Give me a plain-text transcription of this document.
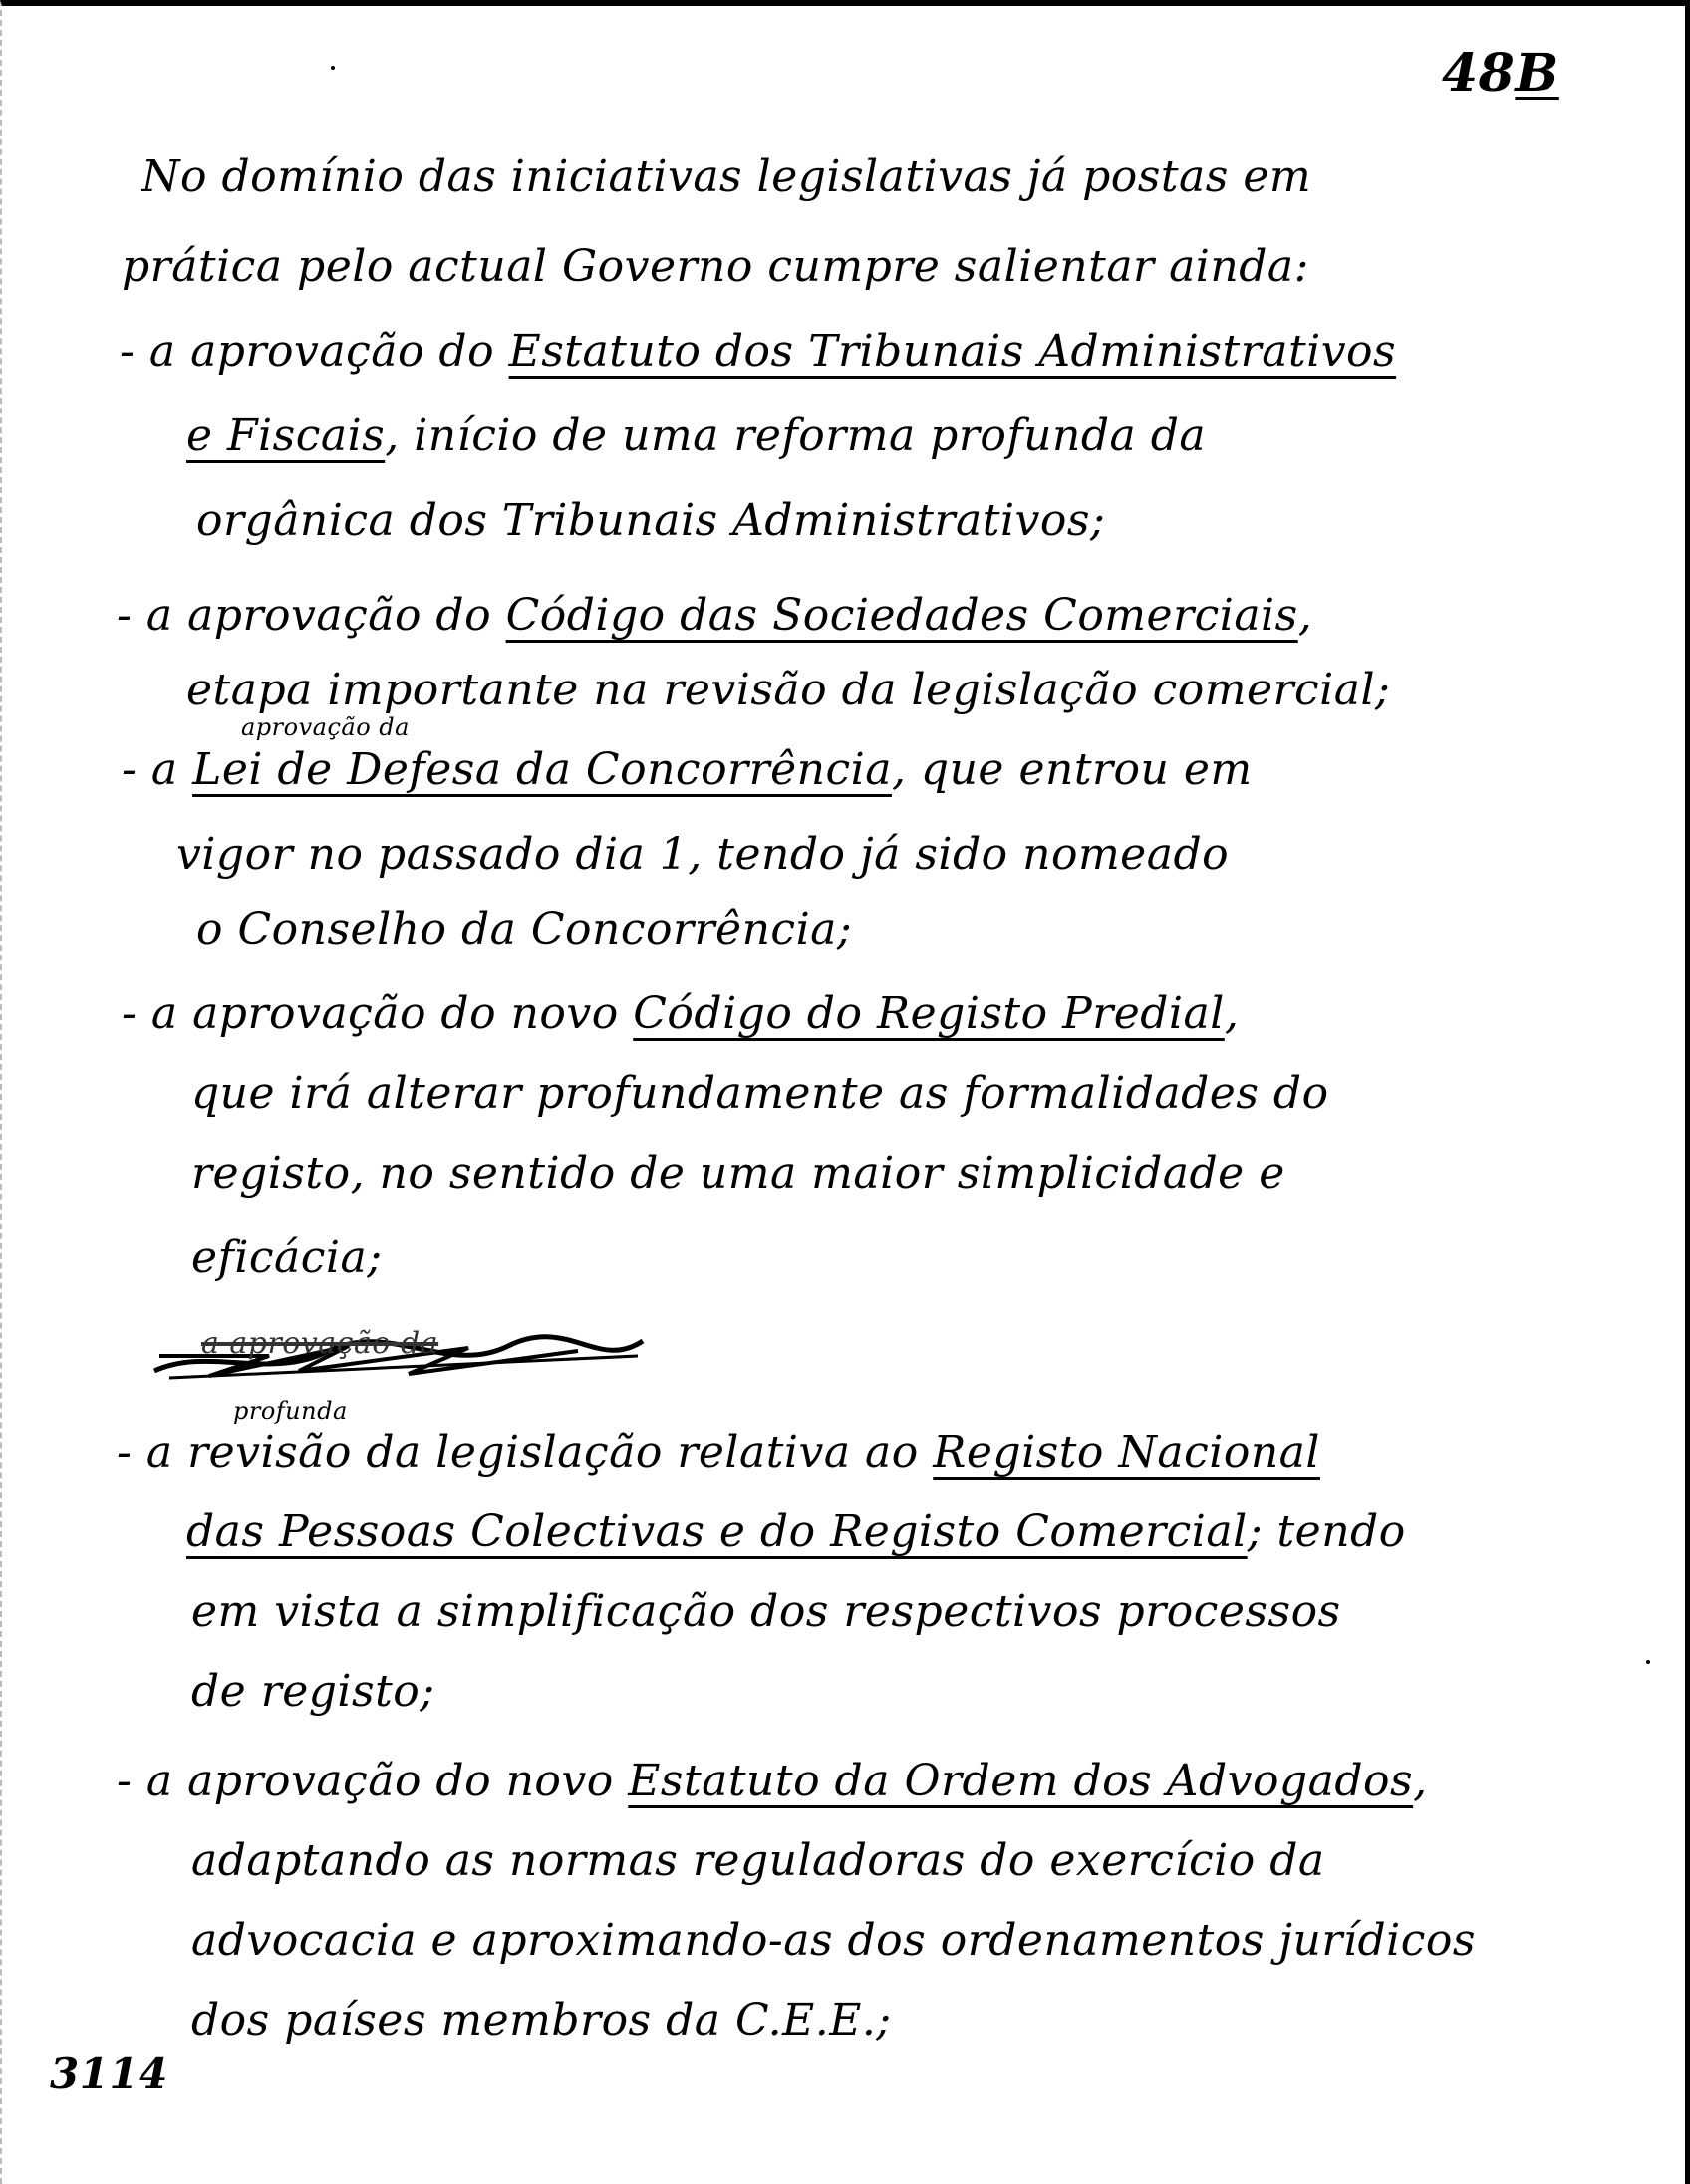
48B
No domínio das iniciativas legislativas já postas em
prática pelo actual Governo cumpre salientar ainda:
- a aprovação do Estatuto dos Tribunais Administrativos
e Fiscais, início de uma reforma profunda da
orgânica dos Tribunais Administrativos;
- a aprovação do Código das Sociedades Comerciais,
etapa importante na revisão da legislação comercial;
aprovação da
- a Lei de Defesa da Concorrência, que entrou em
vigor no passado dia 1, tendo já sido nomeado
o Conselho da Concorrência;
- a aprovação do novo Código do Registo Predial,
que irá alterar profundamente as formalidades do
registo, no sentido de uma maior simplicidade e
eficácia;
a aprovação da
profunda
- a revisão da legislação relativa ao Registo Nacional
das Pessoas Colectivas e do Registo Comercial; tendo
em vista a simplificação dos respectivos processos
de registo;
- a aprovação do novo Estatuto da Ordem dos Advogados,
adaptando as normas reguladoras do exercício da
advocacia e aproximando-as dos ordenamentos jurídicos
dos países membros da C.E.E.;
3114
